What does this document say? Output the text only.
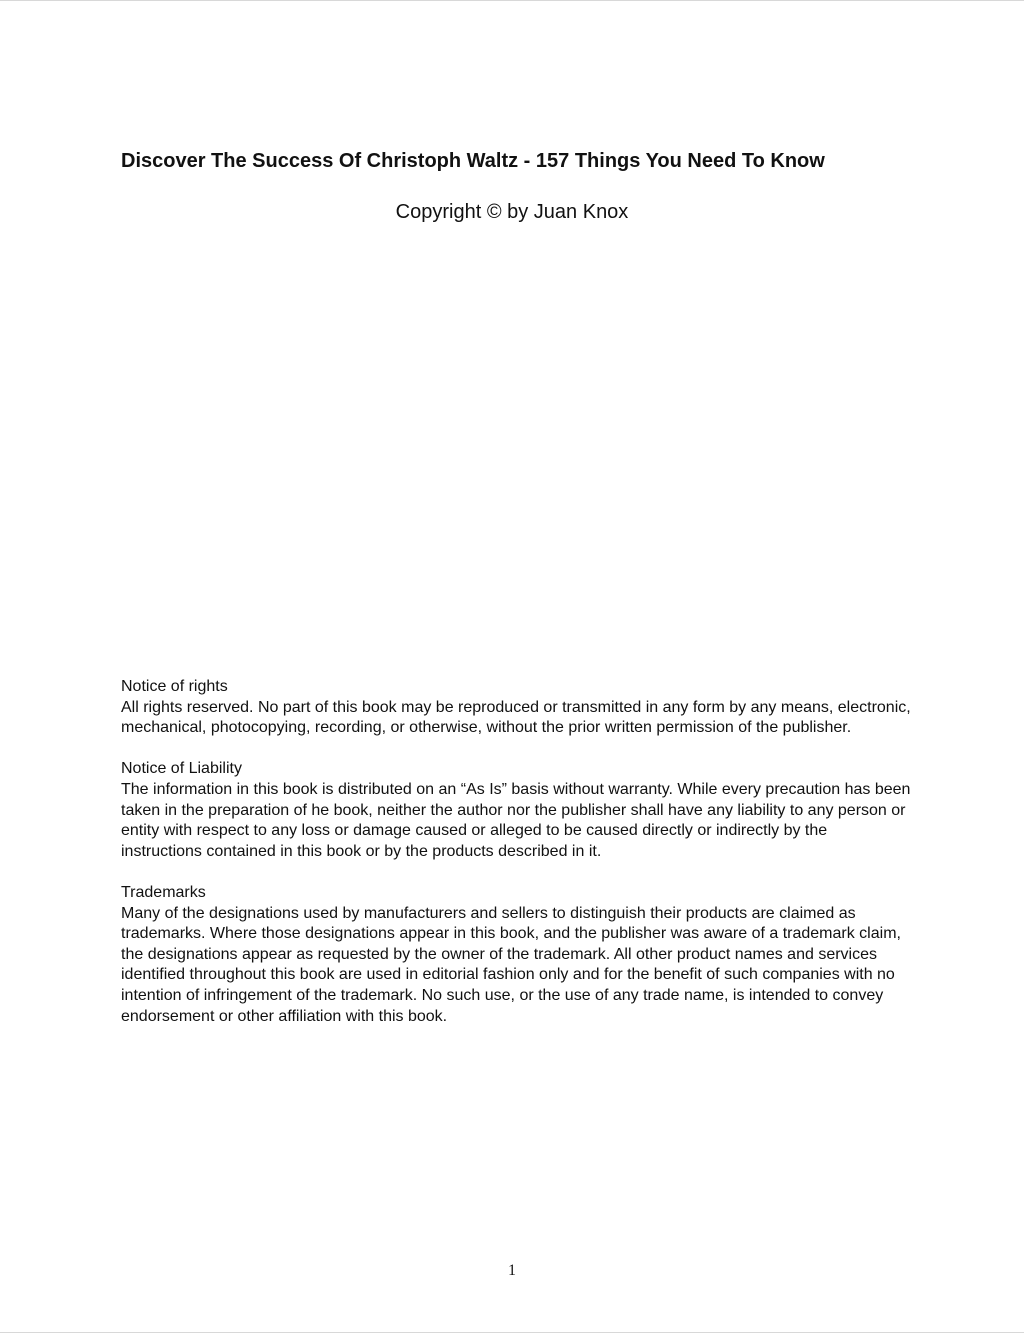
Discover The Success Of Christoph Waltz - 157 Things You Need To Know

Copyright © by Juan Knox

Notice of rights

All rights reserved. No part of this book may be reproduced or transmitted in any form by any means, electronic, mechanical, photocopying, recording, or otherwise, without the prior written permission of the publisher.

Notice of Liability

The information in this book is distributed on an “As Is” basis without warranty. While every precaution has been taken in the preparation of he book, neither the author nor the publisher shall have any liability to any person or entity with respect to any loss or damage caused or alleged to be caused directly or indirectly by the instructions contained in this book or by the products described in it.

Trademarks

Many of the designations used by manufacturers and sellers to distinguish their products are claimed as trademarks. Where those designations appear in this book, and the publisher was aware of a trademark claim, the designations appear as requested by the owner of the trademark. All other product names and services identified throughout this book are used in editorial fashion only and for the benefit of such companies with no intention of infringement of the trademark. No such use, or the use of any trade name, is intended to convey endorsement or other affiliation with this book.

1
